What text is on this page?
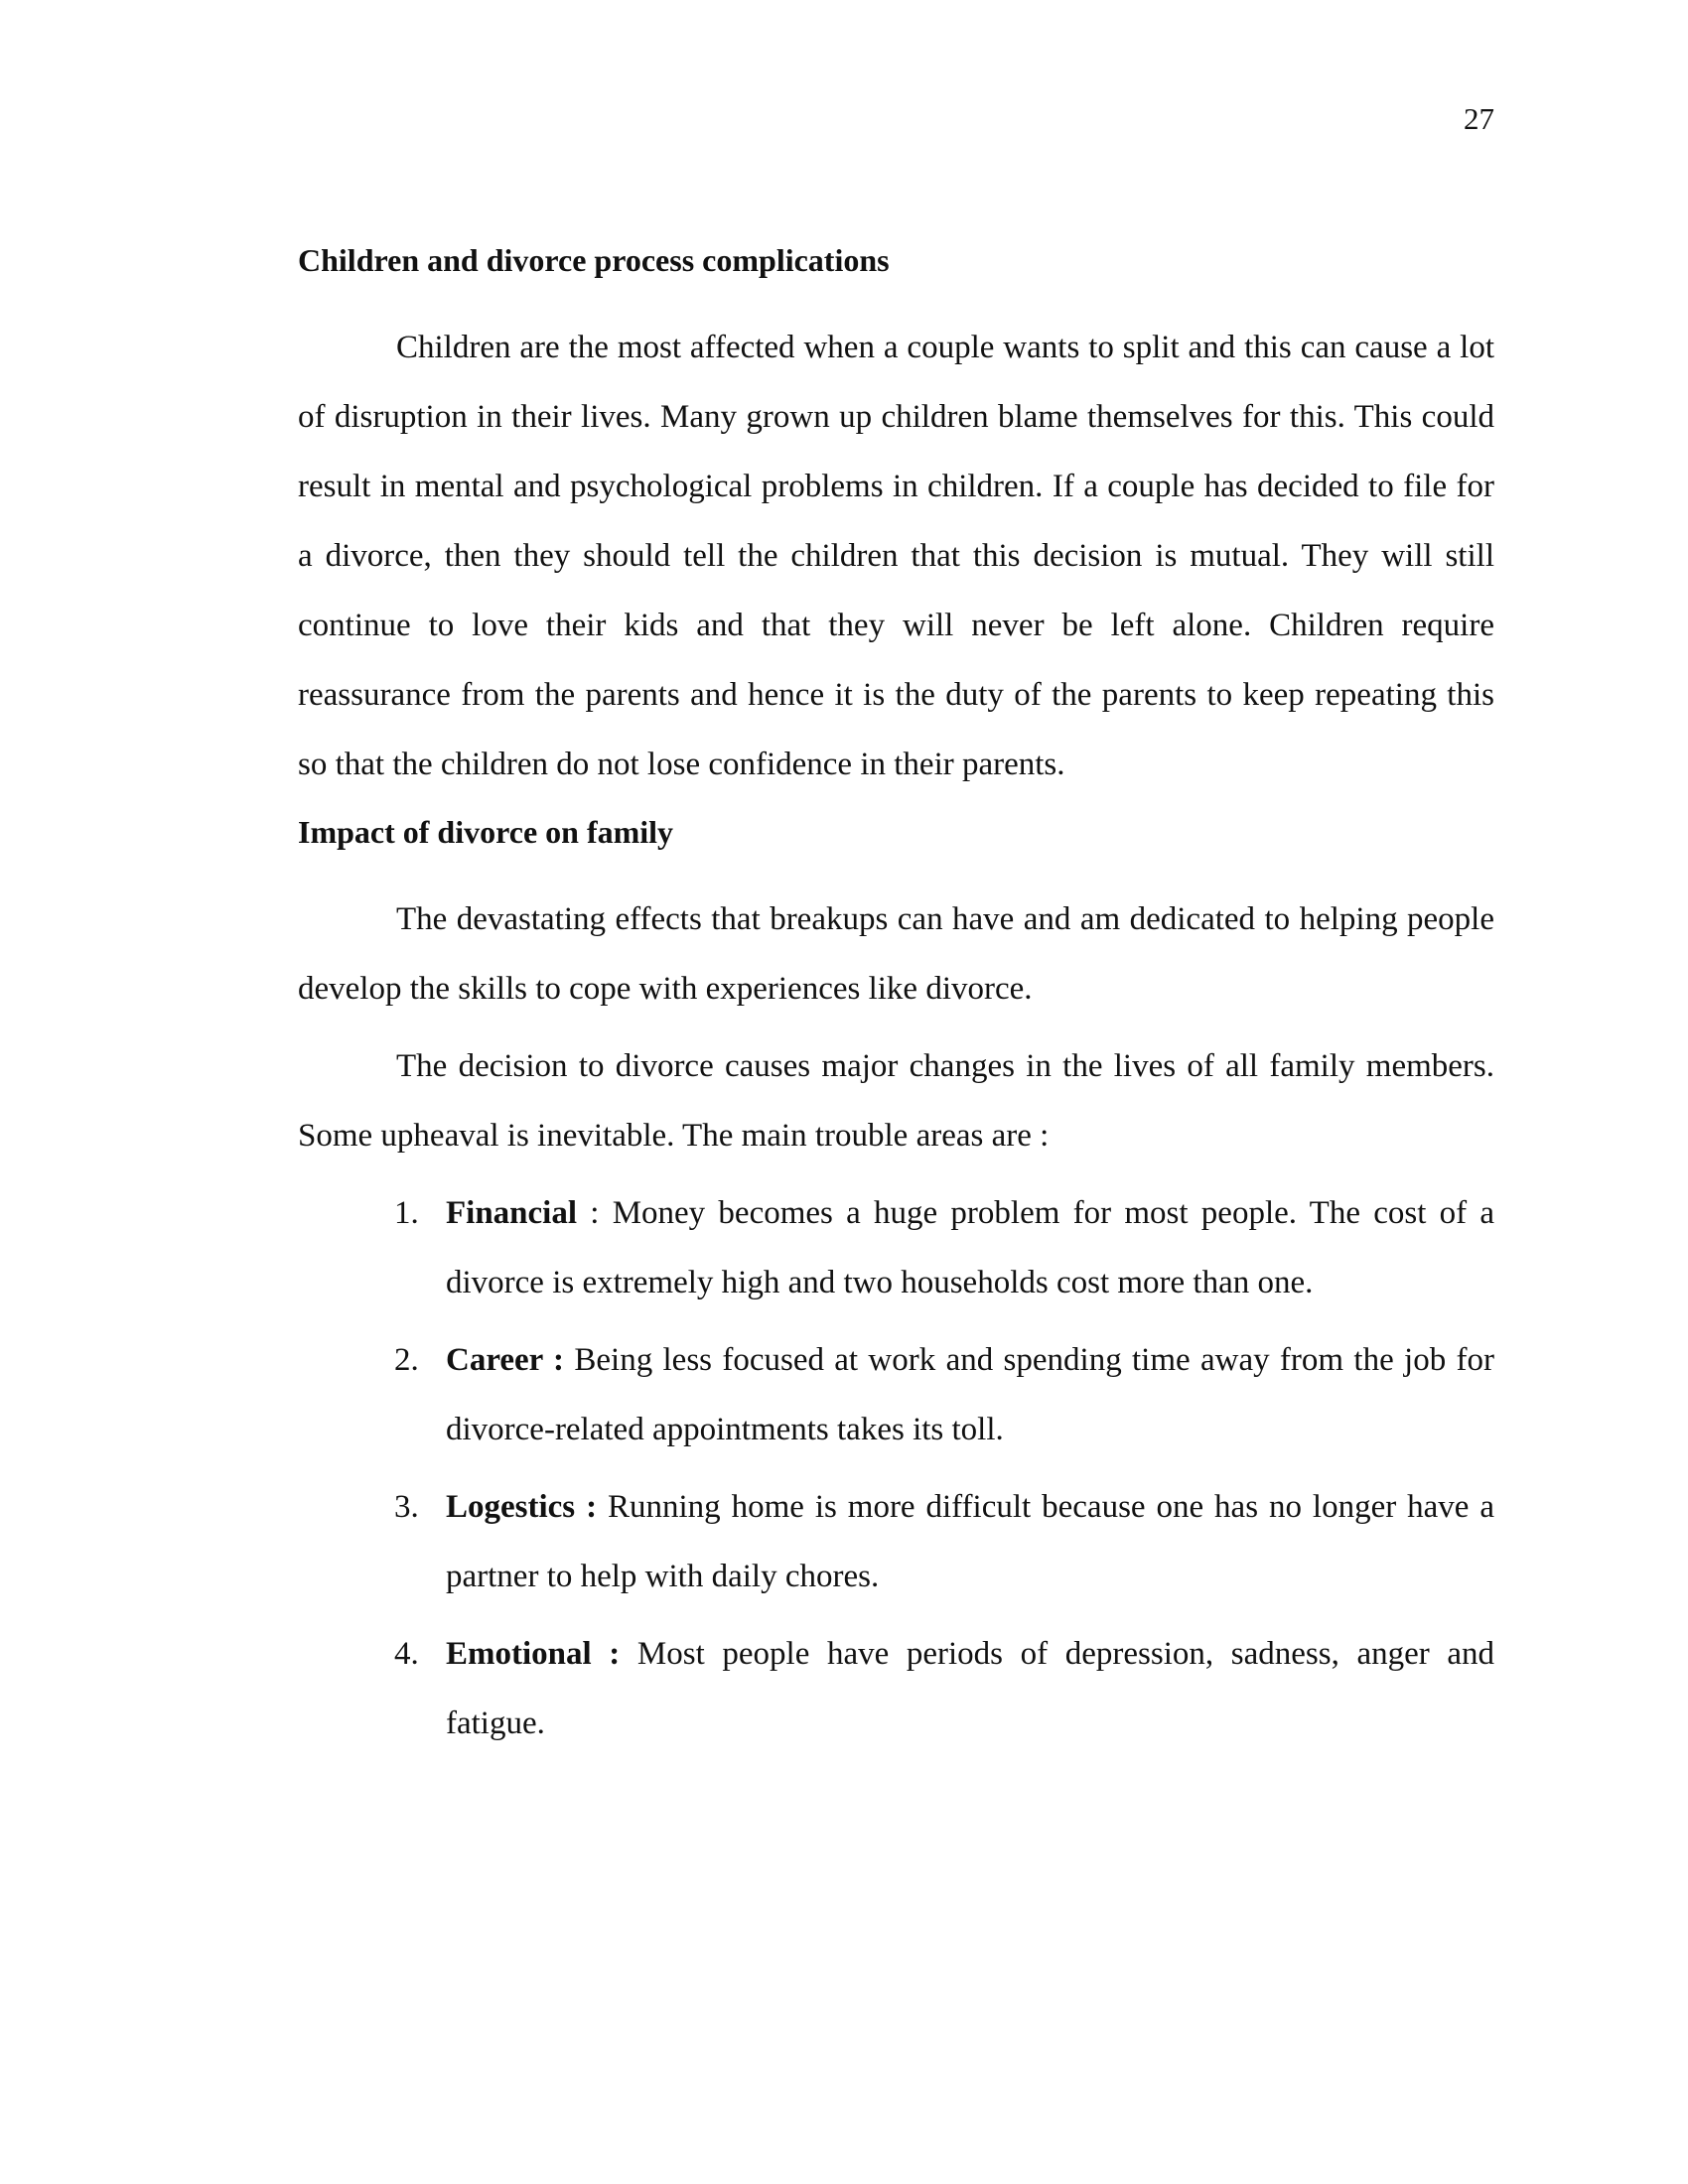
27
Children and divorce process complications

Children are the most affected when a couple wants to split and this can cause a lot of disruption in their lives. Many grown up children blame themselves for this. This could result in mental and psychological problems in children. If a couple has decided to file for a divorce, then they should tell the children that this decision is mutual. They will still continue to love their kids and that they will never be left alone. Children require reassurance from the parents and hence it is the duty of the parents to keep repeating this so that the children do not lose confidence in their parents.

Impact of divorce on family

The devastating effects that breakups can have and am dedicated to helping people develop the skills to cope with experiences like divorce.

The decision to divorce causes major changes in the lives of all family members. Some upheaval is inevitable. The main trouble areas are :

1. Financial : Money becomes a huge problem for most people. The cost of a divorce is extremely high and two households cost more than one.
2. Career : Being less focused at work and spending time away from the job for divorce-related appointments takes its toll.
3. Logestics : Running home is more difficult because one has no longer have a partner to help with daily chores.
4. Emotional : Most people have periods of depression, sadness, anger and fatigue.
